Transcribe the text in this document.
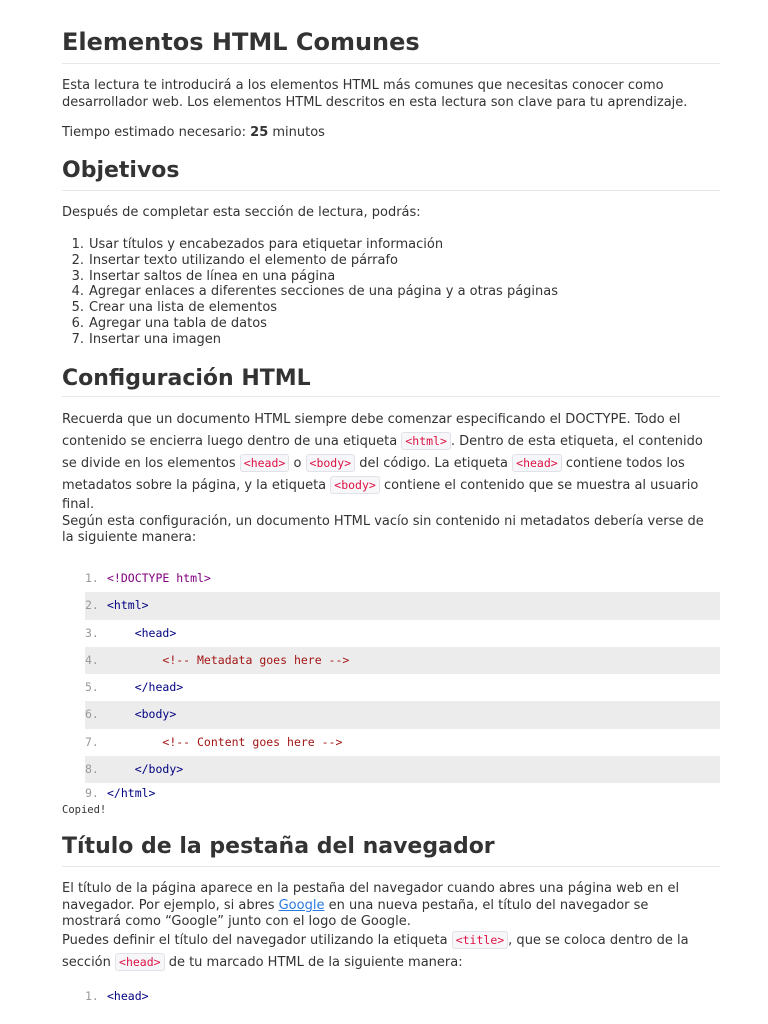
Elementos HTML Comunes
Esta lectura te introducirá a los elementos HTML más comunes que necesitas conocer como
desarrollador web. Los elementos HTML descritos en esta lectura son clave para tu aprendizaje.
Tiempo estimado necesario: 25 minutos
Objetivos
Después de completar esta sección de lectura, podrás:
1. Usar títulos y encabezados para etiquetar información
2. Insertar texto utilizando el elemento de párrafo
3. Insertar saltos de línea en una página
4. Agregar enlaces a diferentes secciones de una página y a otras páginas
5. Crear una lista de elementos
6. Agregar una tabla de datos
7. Insertar una imagen
Configuración HTML
Recuerda que un documento HTML siempre debe comenzar especificando el DOCTYPE. Todo el
contenido se encierra luego dentro de una etiqueta <html> . Dentro de esta etiqueta, el contenido
se divide en los elementos <head> o <body> del código. La etiqueta <head> contiene todos los
metadatos sobre la página, y la etiqueta <body> contiene el contenido que se muestra al usuario
final.
Según esta configuración, un documento HTML vacío sin contenido ni metadatos debería verse de
la siguiente manera:
1. <!DOCTYPE html>
2. <html>
3.	<head>
4.	<!-- Metadata goes here -->
5.	</head>
6.	<body>
7.	<!-- Content goes here -->
8.	</body>
9. </html>
Copied!
Título de la pestaña del navegador
El título de la página aparece en la pestaña del navegador cuando abres una página web en el
navegador. Por ejemplo, si abres Google en una nueva pestaña, el título del navegador se
mostrará como “Google” junto con el logo de Google.
Puedes definir el título del navegador utilizando la etiqueta <title> , que se coloca dentro de la
sección <head> de tu marcado HTML de la siguiente manera:
1. <head>
